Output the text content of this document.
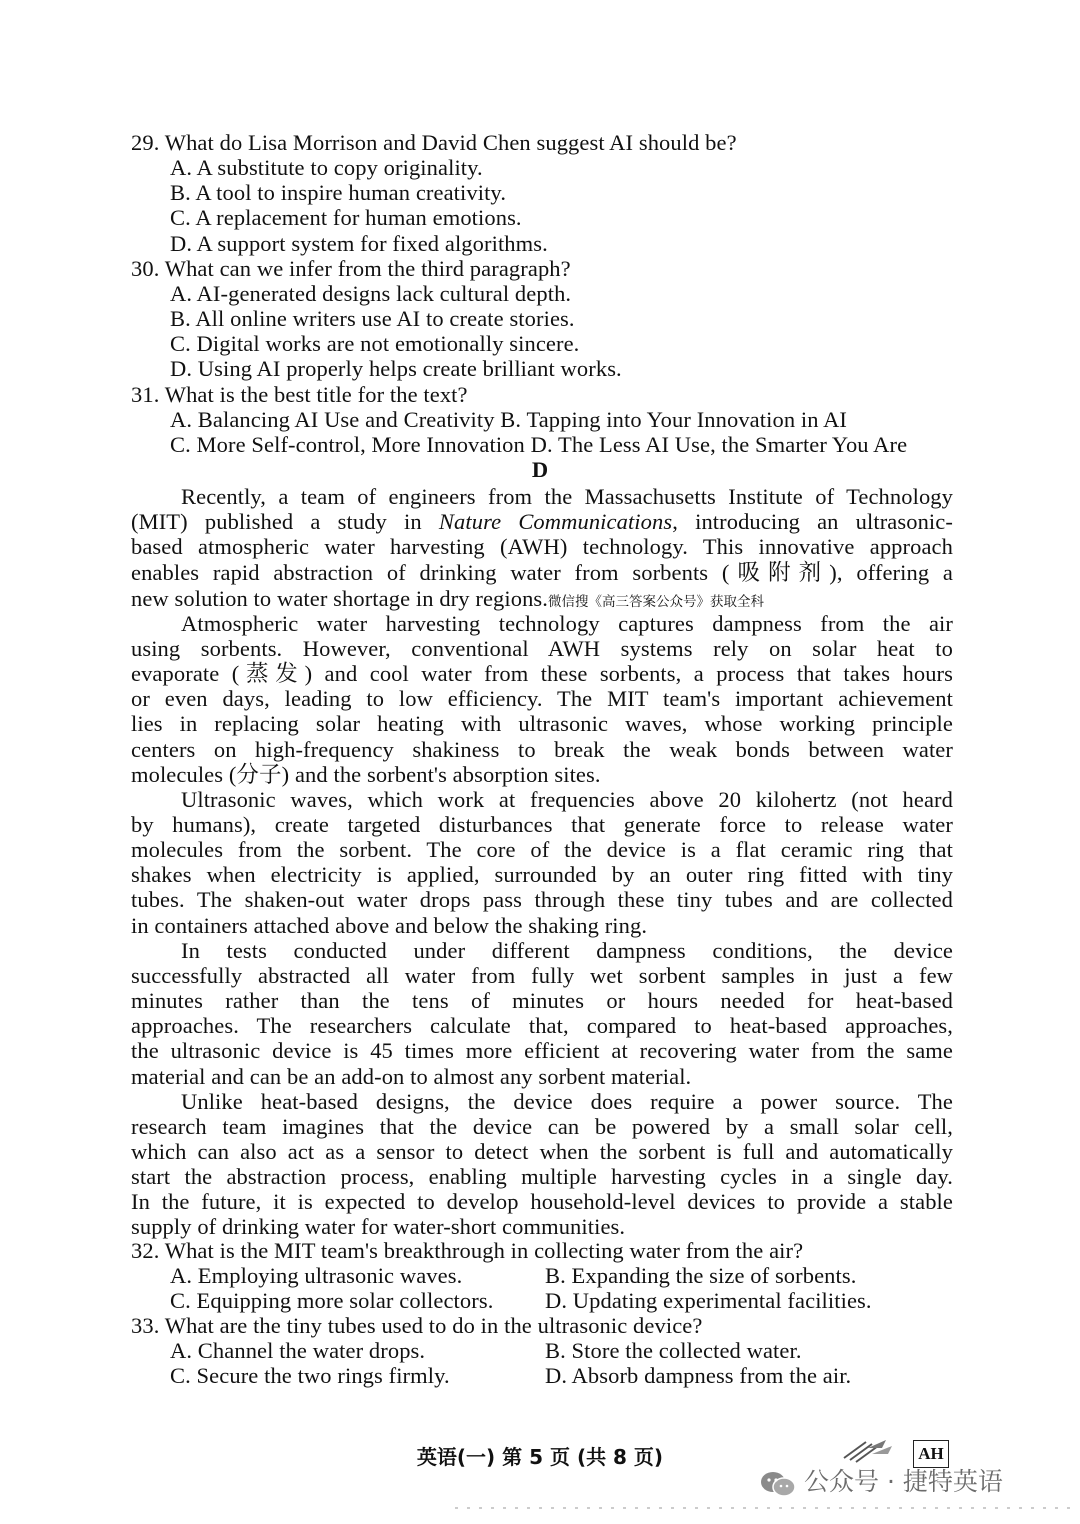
29. What do Lisa Morrison and David Chen suggest AI should be?
A. A substitute to copy originality.
B. A tool to inspire human creativity.
C. A replacement for human emotions.
D. A support system for fixed algorithms.
30. What can we infer from the third paragraph?
A. AI-generated designs lack cultural depth.
B. All online writers use AI to create stories.
C. Digital works are not emotionally sincere.
D. Using AI properly helps create brilliant works.
31. What is the best title for the text?
A. Balancing AI Use and Creativity B. Tapping into Your Innovation in AI
C. More Self-control, More Innovation D. The Less AI Use, the Smarter You Are
D
Recently, a team of engineers from the Massachusetts Institute of Technology
(MIT) published a study in Nature Communications, introducing an ultrasonic-
based atmospheric water harvesting (AWH) technology. This innovative approach
enables rapid abstraction of drinking water from sorbents (吸附剂), offering a
new solution to water shortage in dry regions.微信搜《高三答案公众号》获取全科
Atmospheric water harvesting technology captures dampness from the air
using sorbents. However, conventional AWH systems rely on solar heat to
evaporate (蒸发) and cool water from these sorbents, a process that takes hours
or even days, leading to low efficiency. The MIT team's important achievement
lies in replacing solar heating with ultrasonic waves, whose working principle
centers on high-frequency shakiness to break the weak bonds between water
molecules (分子) and the sorbent's absorption sites.
Ultrasonic waves, which work at frequencies above 20 kilohertz (not heard
by humans), create targeted disturbances that generate force to release water
molecules from the sorbent. The core of the device is a flat ceramic ring that
shakes when electricity is applied, surrounded by an outer ring fitted with tiny
tubes. The shaken-out water drops pass through these tiny tubes and are collected
in containers attached above and below the shaking ring.
In tests conducted under different dampness conditions, the device
successfully abstracted all water from fully wet sorbent samples in just a few
minutes rather than the tens of minutes or hours needed for heat-based
approaches. The researchers calculate that, compared to heat-based approaches,
the ultrasonic device is 45 times more efficient at recovering water from the same
material and can be an add-on to almost any sorbent material.
Unlike heat-based designs, the device does require a power source. The
research team imagines that the device can be powered by a small solar cell,
which can also act as a sensor to detect when the sorbent is full and automatically
start the abstraction process, enabling multiple harvesting cycles in a single day.
In the future, it is expected to develop household-level devices to provide a stable
supply of drinking water for water-short communities.
32. What is the MIT team's breakthrough in collecting water from the air?
A. Employing ultrasonic waves.	B. Expanding the size of sorbents.
C. Equipping more solar collectors. D. Updating experimental facilities.
33. What are the tiny tubes used to do in the ultrasonic device?
A. Channel the water drops.	B. Store the collected water.
C. Secure the two rings firmly.	D. Absorb dampness from the air.
英语(一) 第 5 页 (共 8 页)	AH
公众号 · 捷特英语
